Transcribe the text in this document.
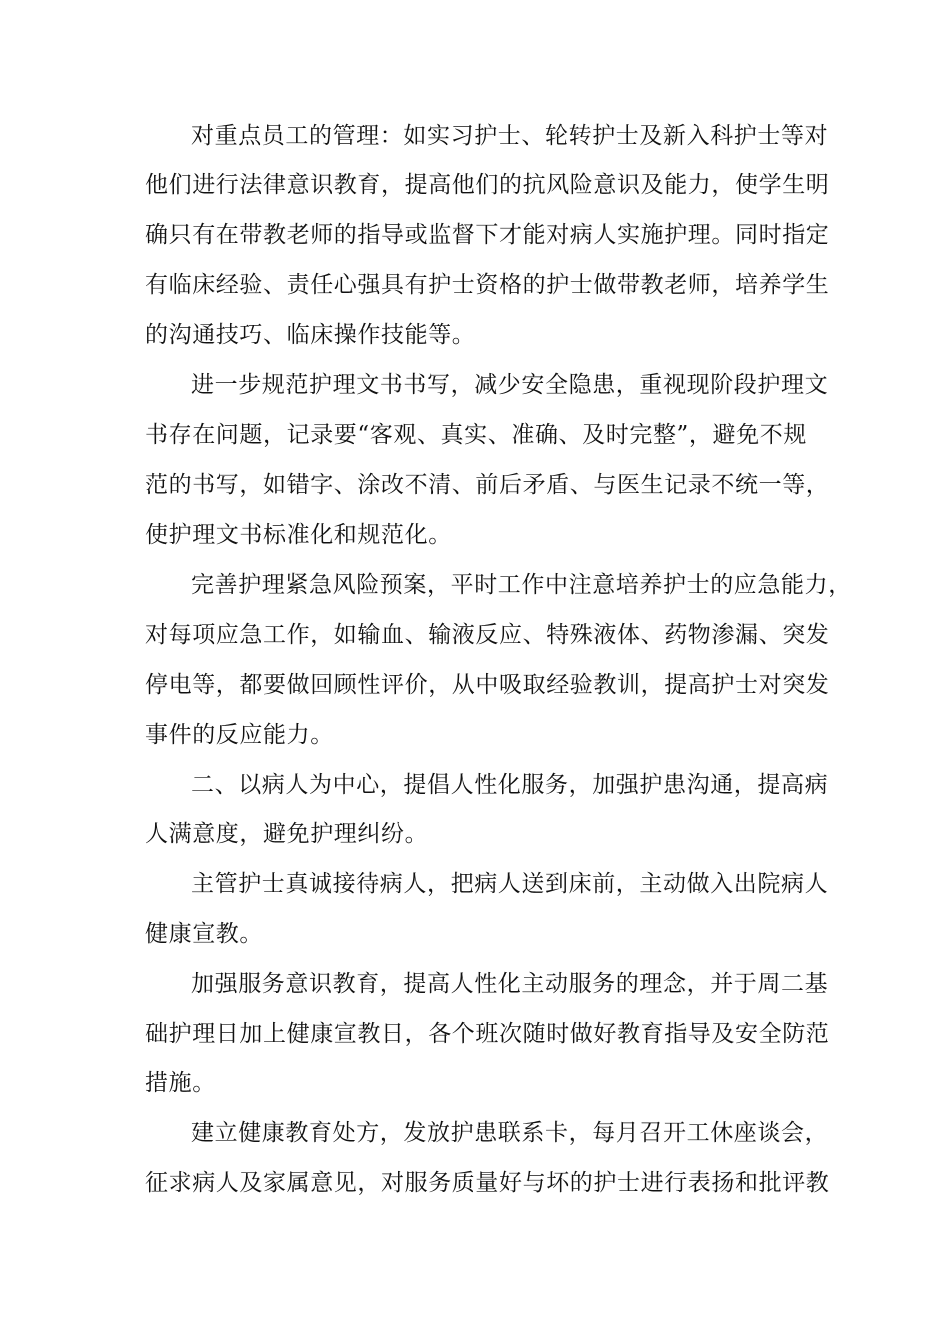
对重点员工的管理：如实习护士、轮转护士及新入科护士等对
他们进行法律意识教育，提高他们的抗风险意识及能力，使学生明
确只有在带教老师的指导或监督下才能对病人实施护理。同时指定
有临床经验、责任心强具有护士资格的护士做带教老师，培养学生
的沟通技巧、临床操作技能等。
进一步规范护理文书书写，减少安全隐患，重视现阶段护理文
书存在问题，记录要“客观、真实、准确、及时完整”，避免不规
范的书写，如错字、涂改不清、前后矛盾、与医生记录不统一等，
使护理文书标准化和规范化。
完善护理紧急风险预案，平时工作中注意培养护士的应急能力，
对每项应急工作，如输血、输液反应、特殊液体、药物渗漏、突发
停电等，都要做回顾性评价，从中吸取经验教训，提高护士对突发
事件的反应能力。
二、以病人为中心，提倡人性化服务，加强护患沟通，提高病
人满意度，避免护理纠纷。
主管护士真诚接待病人，把病人送到床前，主动做入出院病人
健康宣教。
加强服务意识教育，提高人性化主动服务的理念，并于周二基
础护理日加上健康宣教日，各个班次随时做好教育指导及安全防范
措施。
建立健康教育处方，发放护患联系卡，每月召开工休座谈会，
征求病人及家属意见，对服务质量好与坏的护士进行表扬和批评教
